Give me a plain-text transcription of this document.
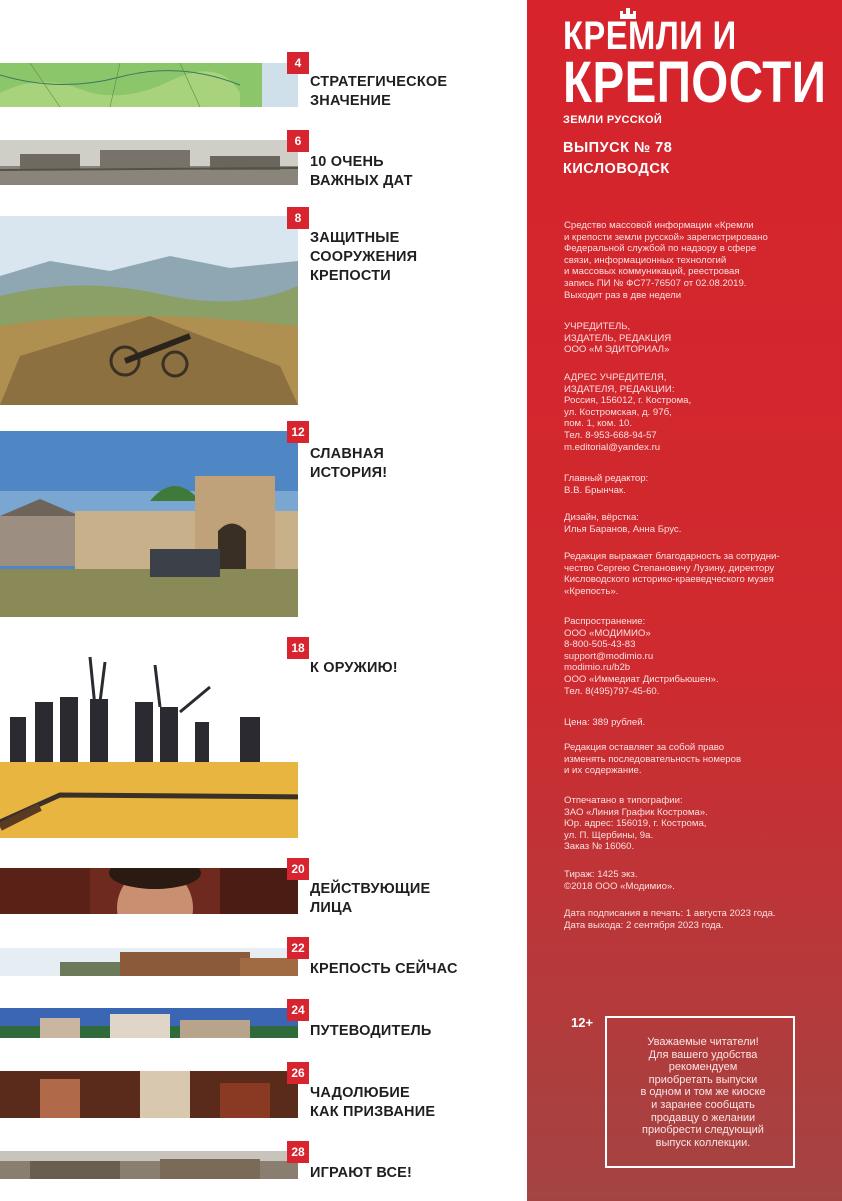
4
СТРАТЕГИЧЕСКОЕ
ЗНАЧЕНИЕ
6
10 ОЧЕНЬ
ВАЖНЫХ ДАТ
8
ЗАЩИТНЫЕ
СООРУЖЕНИЯ
КРЕПОСТИ
12
СЛАВНАЯ
ИСТОРИЯ!
18
К ОРУЖИЮ!
20
ДЕЙСТВУЮЩИЕ
ЛИЦА
22
КРЕПОСТЬ СЕЙЧАС
24
ПУТЕВОДИТЕЛЬ
26
ЧАДОЛЮБИЕ
КАК ПРИЗВАНИЕ
28
ИГРАЮТ ВСЕ!
КРЕМЛИ И
КРЕПОСТИ
ЗЕМЛИ РУССКОЙ
ВЫПУСК № 78
КИСЛОВОДСК
Средство массовой информации «Кремли
и крепости земли русской» зарегистрировано
Федеральной службой по надзору в сфере
связи, информационных технологий
и массовых коммуникаций, реестровая
запись ПИ № ФС77-76507 от 02.08.2019.
Выходит раз в две недели
УЧРЕДИТЕЛЬ,
ИЗДАТЕЛЬ, РЕДАКЦИЯ
ООО «М ЭДИТОРИАЛ»
АДРЕС УЧРЕДИТЕЛЯ,
ИЗДАТЕЛЯ, РЕДАКЦИИ:
Россия, 156012, г. Кострома,
ул. Костромская, д. 97б,
пом. 1, ком. 10.
Тел. 8-953-668-94-57
m.editorial@yandex.ru
Главный редактор:
В.В. Брынчак.
Дизайн, вёрстка:
Илья Баранов, Анна Брус.
Редакция выражает благодарность за сотрудни-
чество Сергею Степановичу Лузину, директору
Кисловодского историко-краеведческого музея
«Крепость».
Распространение:
ООО «МОДИМИО»
8-800-505-43-83
support@modimio.ru
modimio.ru/b2b
ООО «Иммедиат Дистрибьюшен».
Тел. 8(495)797-45-60.
Цена: 389 рублей.
Редакция оставляет за собой право
изменять последовательность номеров
и их содержание.
Отпечатано в типографии:
ЗАО «Линия График Кострома».
Юр. адрес: 156019, г. Кострома,
ул. П. Щербины, 9а.
Заказ № 16060.
Тираж: 1425 экз.
©2018 ООО «Модимио».
Дата подписания в печать: 1 августа 2023 года.
Дата выхода: 2 сентября 2023 года.
12+
Уважаемые читатели!
Для вашего удобства
рекомендуем
приобретать выпуски
в одном и том же киоске
и заранее сообщать
продавцу о желании
приобрести следующий
выпуск коллекции.
